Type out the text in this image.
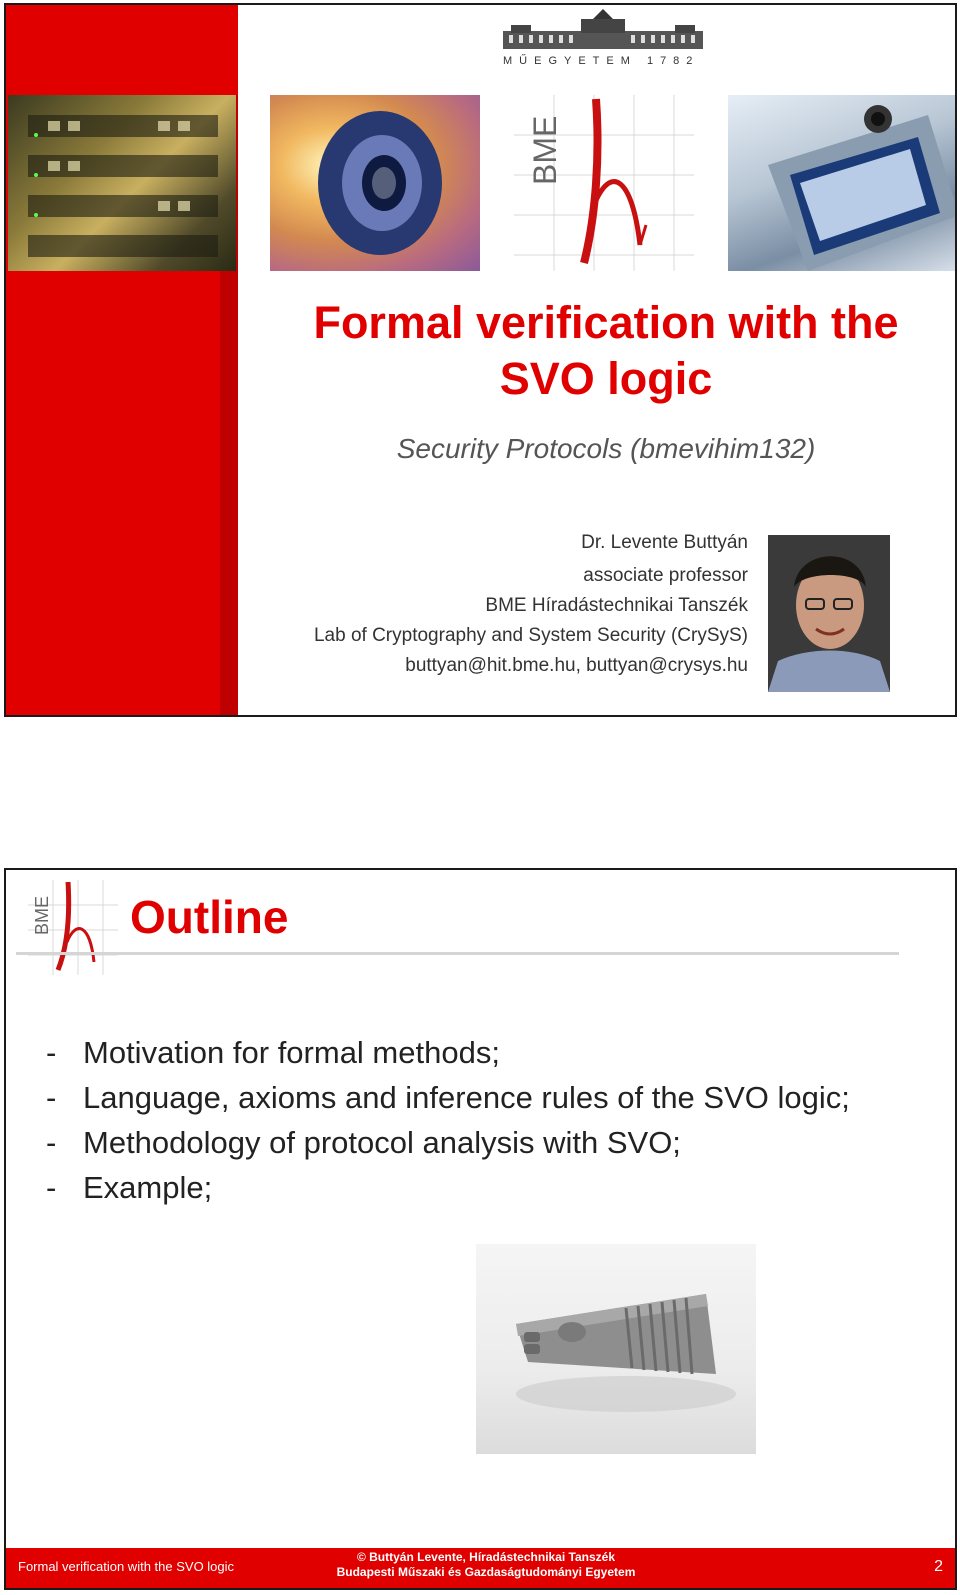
MŰEGYETEM 1782
BME
Formal verification with the
SVO logic
Security Protocols (bmevihim132)
Dr. Levente Buttyán
associate professor
BME Híradástechnikai Tanszék
Lab of Cryptography and System Security (CrySyS)
buttyan@hit.bme.hu, buttyan@crysys.hu
BME Outline
- Motivation for formal methods;
- Language, axioms and inference rules of the SVO logic;
- Methodology of protocol analysis with SVO;
- Example;
Formal verification with the SVO logic
© Buttyán Levente, Híradástechnikai Tanszék
Budapesti Műszaki és Gazdaságtudományi Egyetem	2
